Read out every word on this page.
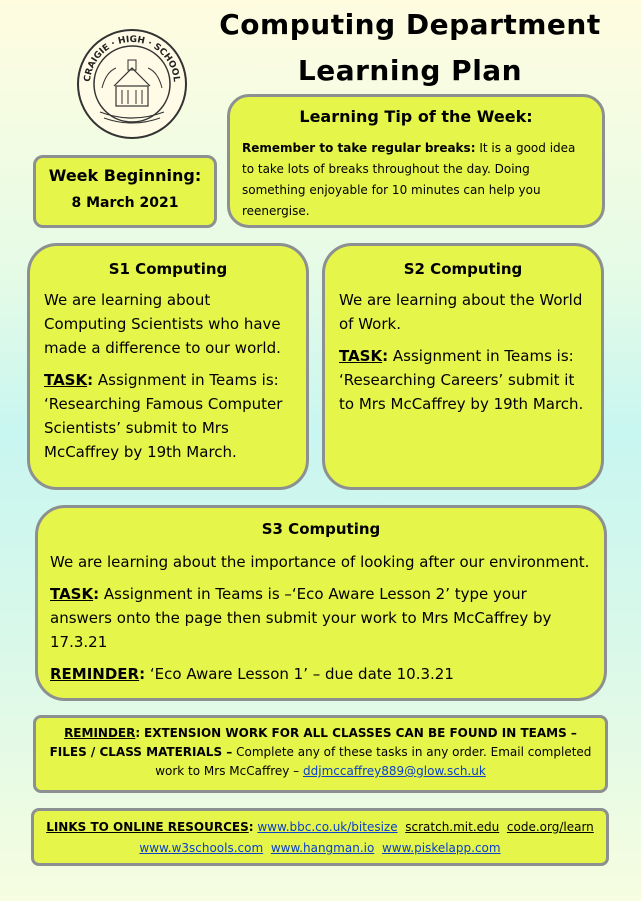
CRAIGIE · HIGH · SCHOOL
Computing Department
Learning Plan
Learning Tip of the Week:
Remember to take regular breaks: It is a good idea to take lots of breaks throughout the day. Doing something enjoyable for 10 minutes can help you reenergise.
Week Beginning:
8 March 2021
S1 Computing
We are learning about Computing Scientists who have made a difference to our world.
TASK: Assignment in Teams is: ‘Researching Famous Computer Scientists’ submit to Mrs McCaffrey by 19th March.
S2 Computing
We are learning about the World of Work.
TASK: Assignment in Teams is: ‘Researching Careers’ submit it to Mrs McCaffrey by 19th March.
S3 Computing
We are learning about the importance of looking after our environment.
TASK: Assignment in Teams is –‘Eco Aware Lesson 2’ type your answers onto the page then submit your work to Mrs McCaffrey by 17.3.21
REMINDER: ‘Eco Aware Lesson 1’ – due date 10.3.21
REMINDER: EXTENSION WORK FOR ALL CLASSES CAN BE FOUND IN TEAMS – FILES / CLASS MATERIALS – Complete any of these tasks in any order. Email completed work to Mrs McCaffrey – ddjmccaffrey889@glow.sch.uk
LINKS TO ONLINE RESOURCES: www.bbc.co.uk/bitesize scratch.mit.edu code.org/learn
www.w3schools.com www.hangman.io www.piskelapp.com
